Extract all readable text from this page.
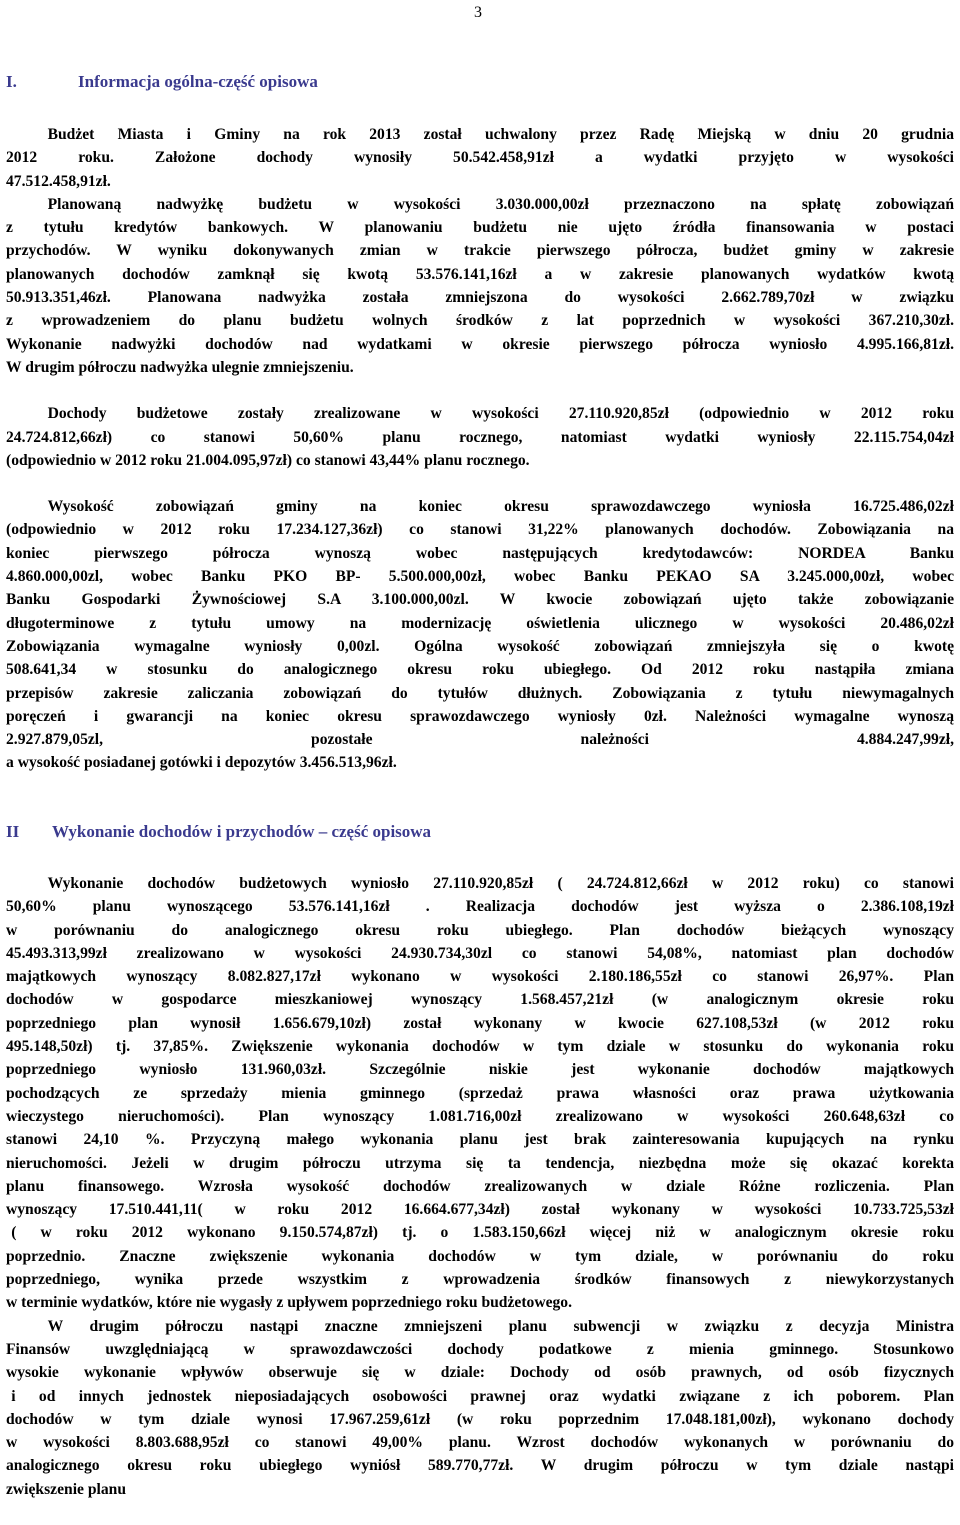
3
I.	Informacja ogólna-część opisowa

Budżet Miasta i Gminy na rok 2013 został uchwalony przez Radę Miejską w dniu 20 grudnia
2012 roku. Założone dochody wynosiły 50.542.458,91zł a wydatki przyjęto w wysokości
47.512.458,91zł.
Planowaną nadwyżkę budżetu w wysokości 3.030.000,00zł przeznaczono na spłatę zobowiązań
z tytułu kredytów bankowych. W planowaniu budżetu nie ujęto źródła finansowania w postaci
przychodów. W wyniku dokonywanych zmian w trakcie pierwszego półrocza, budżet gminy w zakresie
planowanych dochodów zamknął się kwotą 53.576.141,16zł a w zakresie planowanych wydatków kwotą
50.913.351,46zł. Planowana nadwyżka została zmniejszona do wysokości 2.662.789,70zł w związku
z wprowadzeniem do planu budżetu wolnych środków z lat poprzednich w wysokości 367.210,30zł.
Wykonanie nadwyżki dochodów nad wydatkami w okresie pierwszego półrocza wyniosło 4.995.166,81zł.
W drugim półroczu nadwyżka ulegnie zmniejszeniu.

Dochody budżetowe zostały zrealizowane w wysokości 27.110.920,85zł (odpowiednio w 2012 roku
24.724.812,66zł) co stanowi 50,60% planu rocznego, natomiast wydatki wyniosły 22.115.754,04zł
(odpowiednio w 2012 roku 21.004.095,97zł) co stanowi 43,44% planu rocznego.

Wysokość zobowiązań gminy na koniec okresu sprawozdawczego wyniosła 16.725.486,02zł
(odpowiednio w 2012 roku 17.234.127,36zł) co stanowi 31,22% planowanych dochodów. Zobowiązania na
koniec pierwszego półrocza wynoszą wobec następujących kredytodawców: NORDEA Banku
4.860.000,00zl, wobec Banku PKO BP- 5.500.000,00zł, wobec Banku PEKAO SA 3.245.000,00zł, wobec
Banku Gospodarki Żywnościowej S.A 3.100.000,00zl. W kwocie zobowiązań ujęto także zobowiązanie
długoterminowe z tytułu umowy na modernizację oświetlenia ulicznego w wysokości 20.486,02zł
Zobowiązania wymagalne wyniosły 0,00zl. Ogólna wysokość zobowiązań zmniejszyła się o kwotę
508.641,34 w stosunku do analogicznego okresu roku ubiegłego. Od 2012 roku nastąpiła zmiana
przepisów zakresie zaliczania zobowiązań do tytułów dłużnych. Zobowiązania z tytułu niewymagalnych
poręczeń i gwarancji na koniec okresu sprawozdawczego wyniosły 0zł. Należności wymagalne wynoszą
2.927.879,05zl, pozostałe należności 4.884.247,99zł,
a wysokość posiadanej gotówki i depozytów 3.456.513,96zł.

II Wykonanie dochodów i przychodów – część opisowa

Wykonanie dochodów budżetowych wyniosło 27.110.920,85zł ( 24.724.812,66zł w 2012 roku) co stanowi
50,60% planu wynoszącego 53.576.141,16zł . Realizacja dochodów jest wyższa o 2.386.108,19zł
w porównaniu do analogicznego okresu roku ubiegłego. Plan dochodów bieżących wynoszący
45.493.313,99zł zrealizowano w wysokości 24.930.734,30zl co stanowi 54,08%, natomiast plan dochodów
majątkowych wynoszący 8.082.827,17zł wykonano w wysokości 2.180.186,55zł co stanowi 26,97%. Plan
dochodów w gospodarce mieszkaniowej wynoszący 1.568.457,21zł (w analogicznym okresie roku
poprzedniego plan wynosił 1.656.679,10zł) został wykonany w kwocie 627.108,53zł (w 2012 roku
495.148,50zł) tj. 37,85%. Zwiększenie wykonania dochodów w tym dziale w stosunku do wykonania roku
poprzedniego wyniosło 131.960,03zł. Szczególnie niskie jest wykonanie dochodów majątkowych
pochodzących ze sprzedaży mienia gminnego (sprzedaż prawa własności oraz prawa użytkowania
wieczystego nieruchomości). Plan wynoszący 1.081.716,00zł zrealizowano w wysokości 260.648,63zł co
stanowi 24,10 %. Przyczyną małego wykonania planu jest brak zainteresowania kupujących na rynku
nieruchomości. Jeżeli w drugim półroczu utrzyma się ta tendencja, niezbędna może się okazać korekta
planu finansowego. Wzrosła wysokość dochodów zrealizowanych w dziale Różne rozliczenia. Plan
wynoszący 17.510.441,11( w roku 2012 16.664.677,34zł) został wykonany w wysokości 10.733.725,53zł
( w roku 2012 wykonano 9.150.574,87zł) tj. o 1.583.150,66zł więcej niż w analogicznym okresie roku
poprzednio. Znaczne zwiększenie wykonania dochodów w tym dziale, w porównaniu do roku
poprzedniego, wynika przede wszystkim z wprowadzenia środków finansowych z niewykorzystanych
w terminie wydatków, które nie wygasły z upływem poprzedniego roku budżetowego.

W drugim półroczu nastąpi znaczne zmniejszeni planu subwencji w związku z decyzja Ministra
Finansów uwzględniającą w sprawozdawczości dochody podatkowe z mienia gminnego. Stosunkowo
wysokie wykonanie wpływów obserwuje się w dziale: Dochody od osób prawnych, od osób fizycznych
i od innych jednostek nieposiadających osobowości prawnej oraz wydatki związane z ich poborem. Plan
dochodów w tym dziale wynosi 17.967.259,61zł (w roku poprzednim 17.048.181,00zł), wykonano dochody
w wysokości 8.803.688,95zł co stanowi 49,00% planu. Wzrost dochodów wykonanych w porównaniu do
analogicznego okresu roku ubiegłego wyniósł 589.770,77zł. W drugim półroczu w tym dziale nastąpi
zwiększenie planu
